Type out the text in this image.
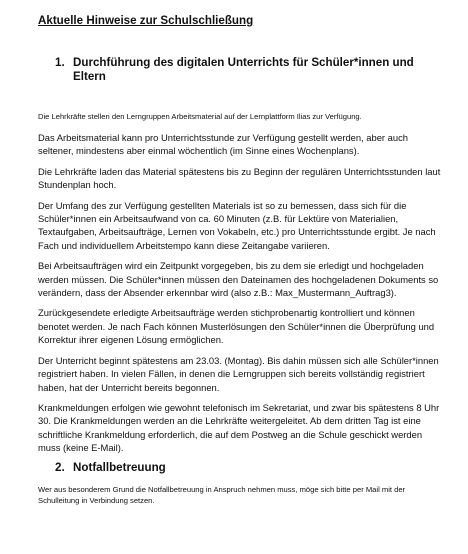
Aktuelle Hinweise zur Schulschließung
1. Durchführung des digitalen Unterrichts für Schüler*innen und Eltern

Die Lehrkräfte stellen den Lerngruppen Arbeitsmaterial auf der Lernplattform Ilias zur Verfügung.

Das Arbeitsmaterial kann pro Unterrichtsstunde zur Verfügung gestellt werden, aber auch seltener, mindestens aber einmal wöchentlich (im Sinne eines Wochenplans).

Die Lehrkräfte laden das Material spätestens bis zu Beginn der regulären Unterrichtsstunden laut Stundenplan hoch.

Der Umfang des zur Verfügung gestellten Materials ist so zu bemessen, dass sich für die Schüler*innen ein Arbeitsaufwand von ca. 60 Minuten (z.B. für Lektüre von Materialien, Textaufgaben, Arbeitsaufträge, Lernen von Vokabeln, etc.) pro Unterrichtsstunde ergibt. Je nach Fach und individuellem Arbeitstempo kann diese Zeitangabe variieren.

Bei Arbeitsaufträgen wird ein Zeitpunkt vorgegeben, bis zu dem sie erledigt und hochgeladen werden müssen. Die Schüler*innen müssen den Dateinamen des hochgeladenen Dokuments so verändern, dass der Absender erkennbar wird (also z.B.: Max_Mustermann_Auftrag3).

Zurückgesendete erledigte Arbeitsaufträge werden stichprobenartig kontrolliert und können benotet werden. Je nach Fach können Musterlösungen den Schüler*innen die Überprüfung und Korrektur ihrer eigenen Lösung ermöglichen.

Der Unterricht beginnt spätestens am 23.03. (Montag). Bis dahin müssen sich alle Schüler*innen registriert haben. In vielen Fällen, in denen die Lerngruppen sich bereits vollständig registriert haben, hat der Unterricht bereits begonnen.

Krankmeldungen erfolgen wie gewohnt telefonisch im Sekretariat, und zwar bis spätestens 8 Uhr 30. Die Krankmeldungen werden an die Lehrkräfte weitergeleitet. Ab dem dritten Tag ist eine schriftliche Krankmeldung erforderlich, die auf dem Postweg an die Schule geschickt werden muss (keine E-Mail).

2. Notfallbetreuung

Wer aus besonderem Grund die Notfallbetreuung in Anspruch nehmen muss, möge sich bitte per Mail mit der Schulleitung in Verbindung setzen.
